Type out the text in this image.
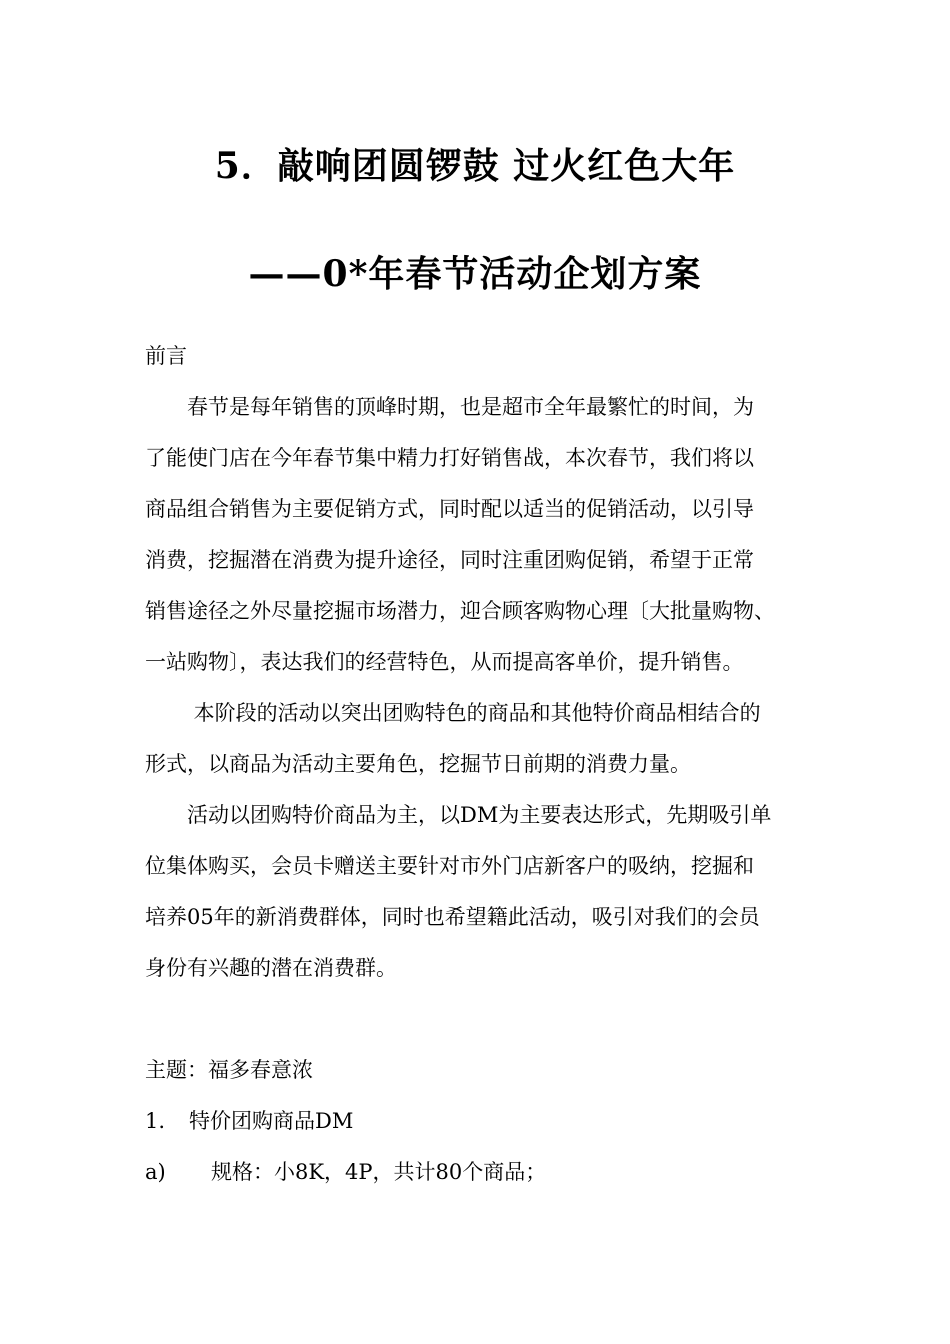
5．敲响团圆锣鼓 过火红色大年
——0*年春节活动企划方案
前言
　　春节是每年销售的顶峰时期，也是超市全年最繁忙的时间，为
了能使门店在今年春节集中精力打好销售战，本次春节，我们将以
商品组合销售为主要促销方式，同时配以适当的促销活动，以引导
消费，挖掘潜在消费为提升途径，同时注重团购促销，希望于正常
销售途径之外尽量挖掘市场潜力，迎合顾客购物心理〔大批量购物、
一站购物〕，表达我们的经营特色，从而提高客单价，提升销售。
　　 本阶段的活动以突出团购特色的商品和其他特价商品相结合的
形式，以商品为活动主要角色，挖掘节日前期的消费力量。
　　活动以团购特价商品为主，以DM为主要表达形式，先期吸引单
位集体购买，会员卡赠送主要针对市外门店新客户的吸纳，挖掘和
培养05年的新消费群体，同时也希望籍此活动，吸引对我们的会员
身份有兴趣的潜在消费群。
主题：福多春意浓
1. 特价团购商品DM
a) 规格：小8K，4P，共计80个商品；
